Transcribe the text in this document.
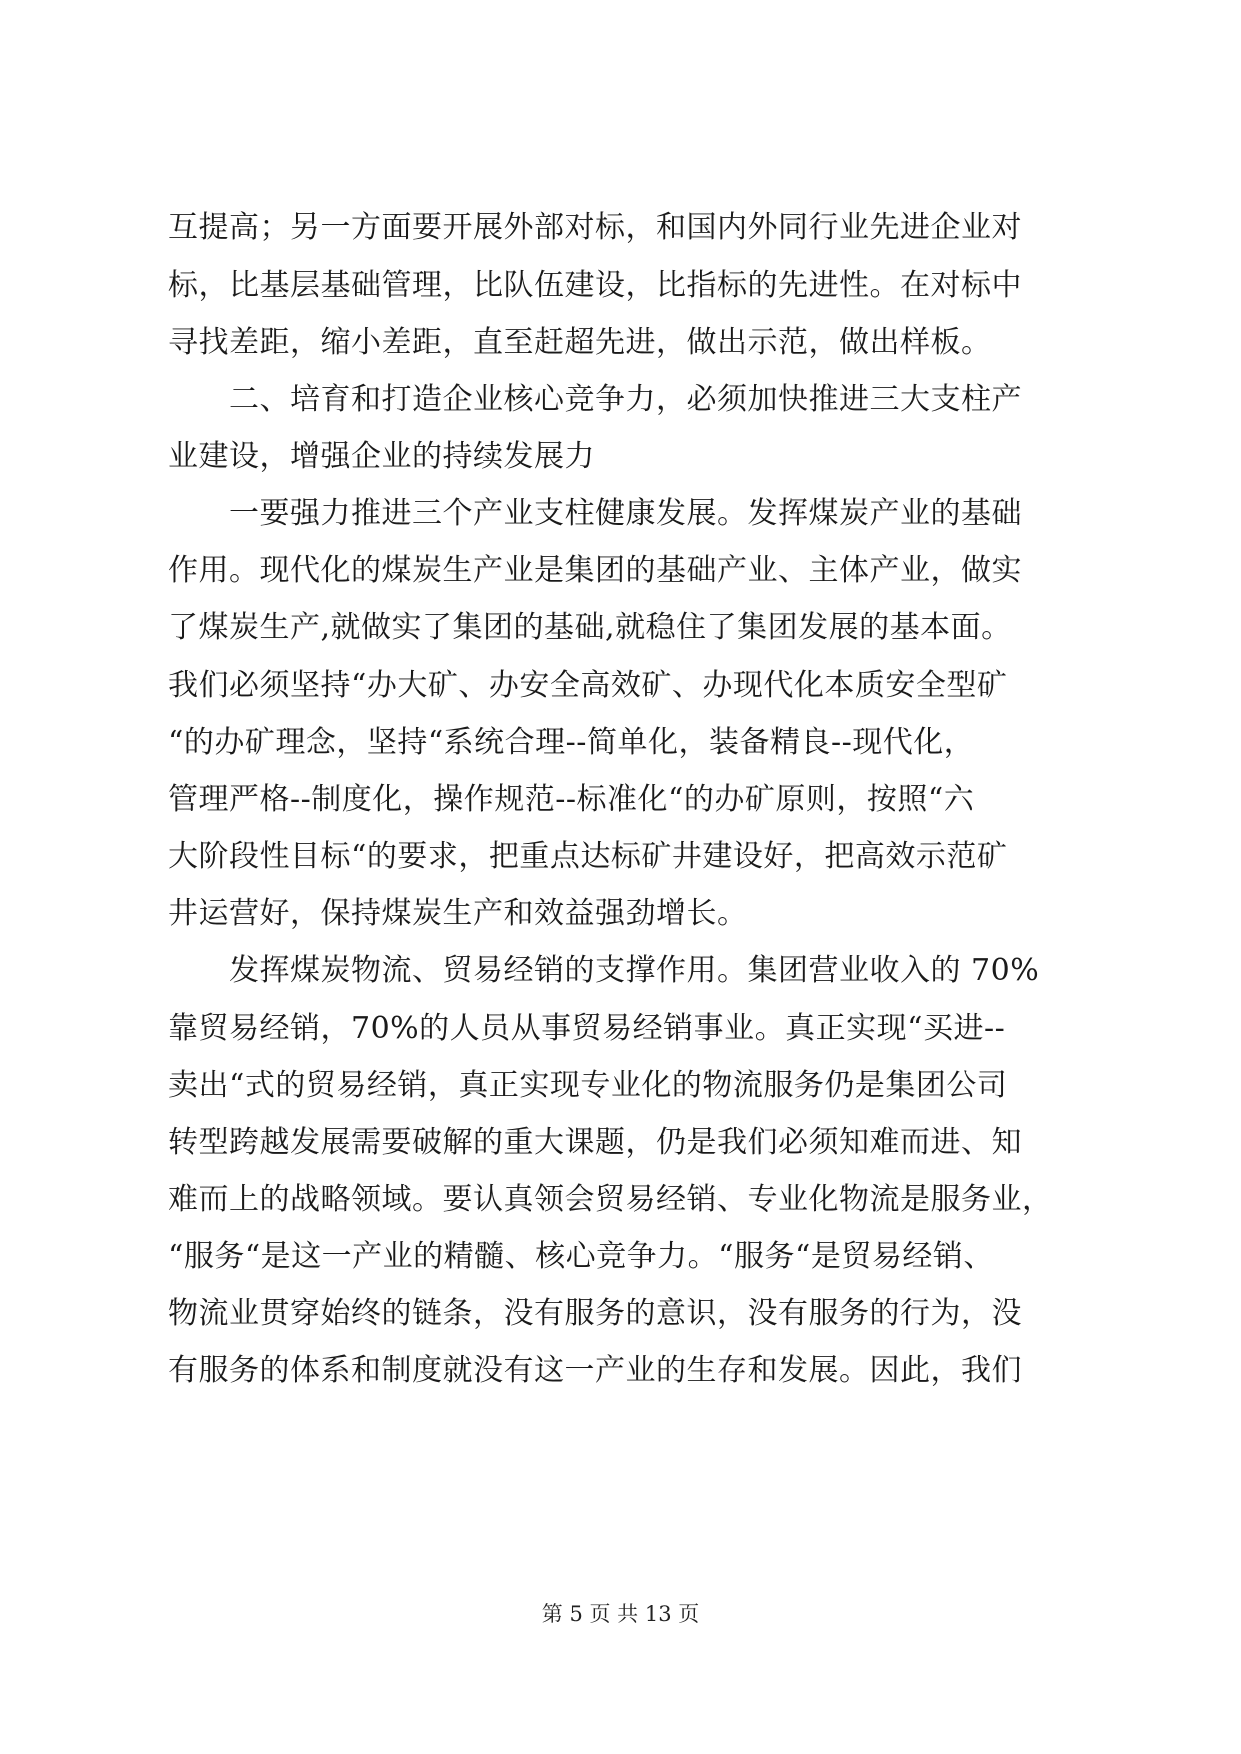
互提高；另一方面要开展外部对标，和国内外同行业先进企业对
标，比基层基础管理，比队伍建设，比指标的先进性。在对标中
寻找差距，缩小差距，直至赶超先进，做出示范，做出样板。
　　二、培育和打造企业核心竞争力，必须加快推进三大支柱产
业建设，增强企业的持续发展力
　　一要强力推进三个产业支柱健康发展。发挥煤炭产业的基础
作用。现代化的煤炭生产业是集团的基础产业、主体产业，做实
了煤炭生产,就做实了集团的基础,就稳住了集团发展的基本面。
我们必须坚持“办大矿、办安全高效矿、办现代化本质安全型矿
“的办矿理念，坚持“系统合理--简单化，装备精良--现代化，
管理严格--制度化，操作规范--标准化“的办矿原则，按照“六
大阶段性目标“的要求，把重点达标矿井建设好，把高效示范矿
井运营好，保持煤炭生产和效益强劲增长。
　　发挥煤炭物流、贸易经销的支撑作用。集团营业收入的 70%
靠贸易经销，70%的人员从事贸易经销事业。真正实现“买进--
卖出“式的贸易经销，真正实现专业化的物流服务仍是集团公司
转型跨越发展需要破解的重大课题，仍是我们必须知难而进、知
难而上的战略领域。要认真领会贸易经销、专业化物流是服务业，
“服务“是这一产业的精髓、核心竞争力。“服务“是贸易经销、
物流业贯穿始终的链条，没有服务的意识，没有服务的行为，没
有服务的体系和制度就没有这一产业的生存和发展。因此，我们
第 5 页 共 13 页
